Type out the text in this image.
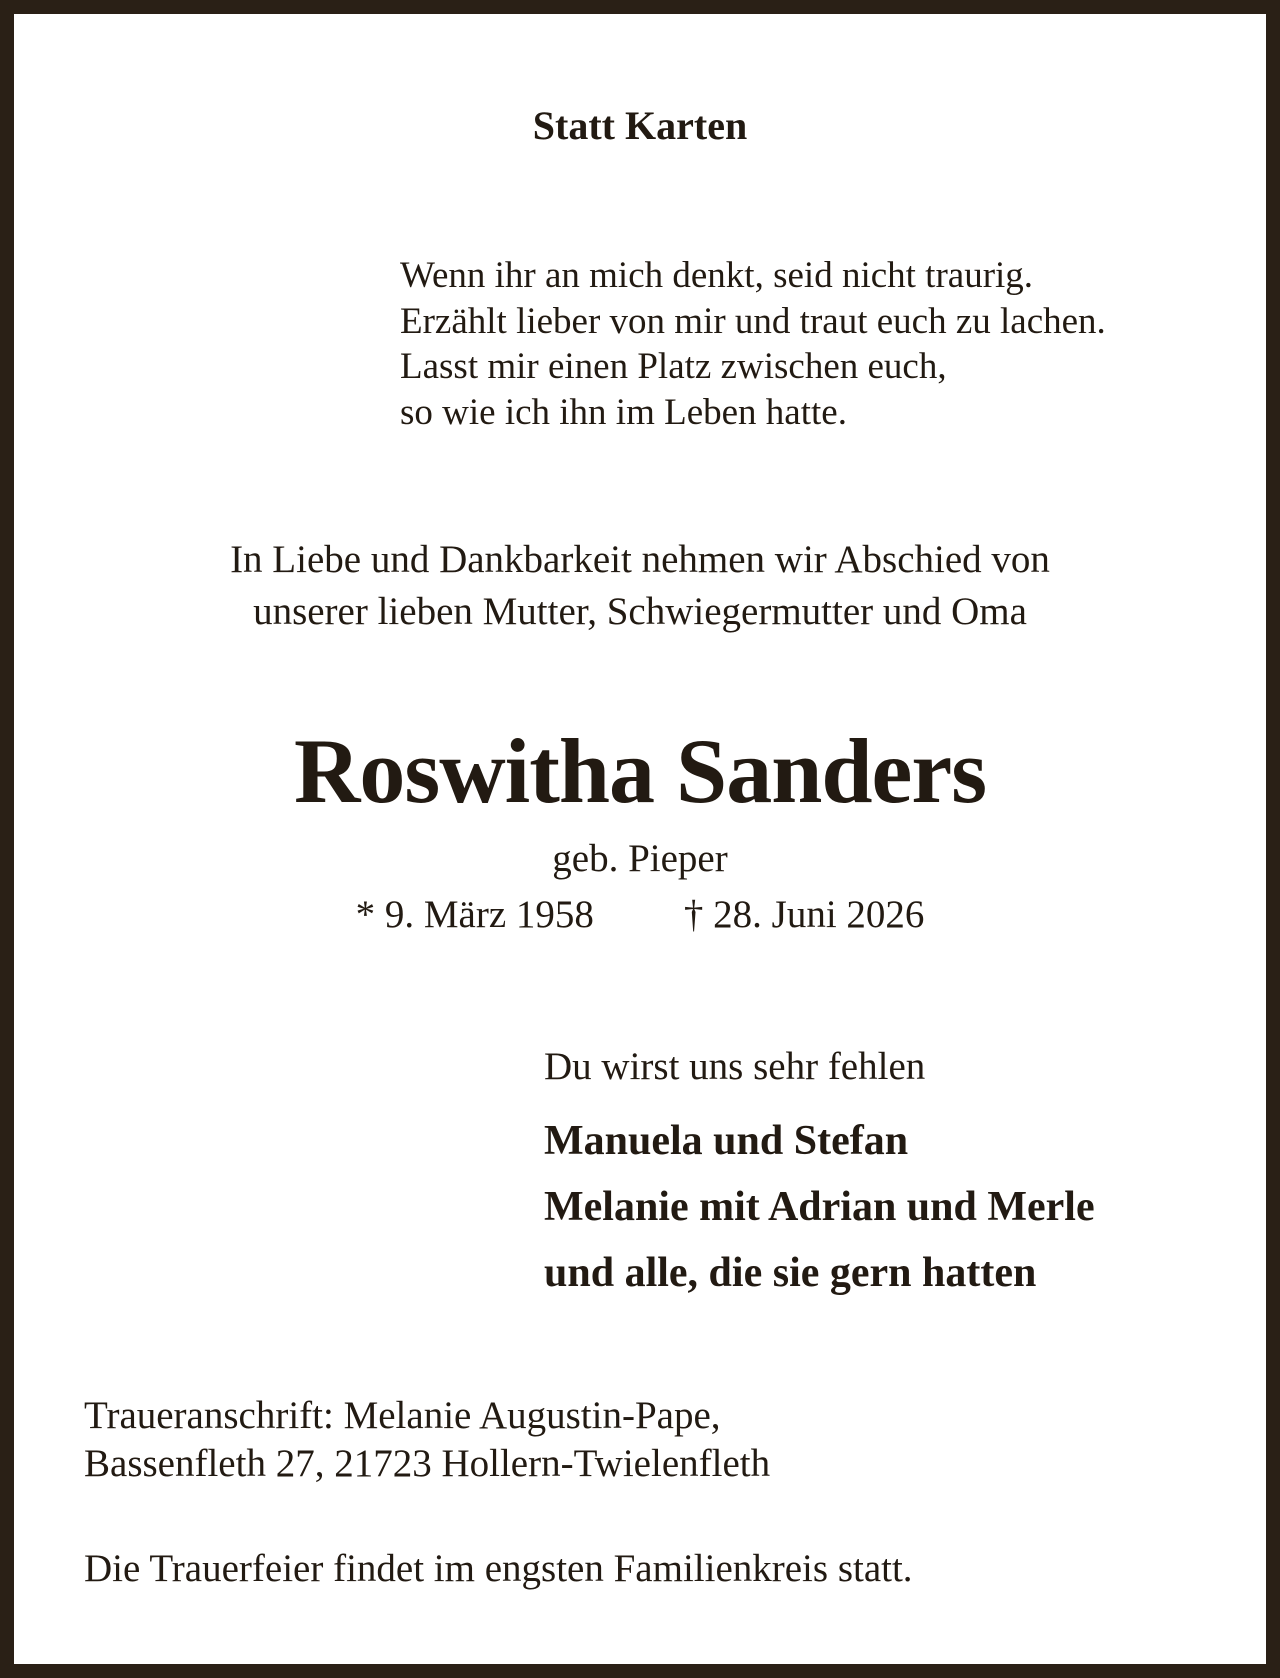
Statt Karten
Wenn ihr an mich denkt, seid nicht traurig.
Erzählt lieber von mir und traut euch zu lachen.
Lasst mir einen Platz zwischen euch,
so wie ich ihn im Leben hatte.
In Liebe und Dankbarkeit nehmen wir Abschied von
unserer lieben Mutter, Schwiegermutter und Oma
Roswitha Sanders
geb. Pieper
* 9. März 1958 † 28. Juni 2026
Du wirst uns sehr fehlen
Manuela und Stefan
Melanie mit Adrian und Merle
und alle, die sie gern hatten
Traueranschrift: Melanie Augustin-Pape,
Bassenfleth 27, 21723 Hollern-Twielenfleth
Die Trauerfeier findet im engsten Familienkreis statt.
